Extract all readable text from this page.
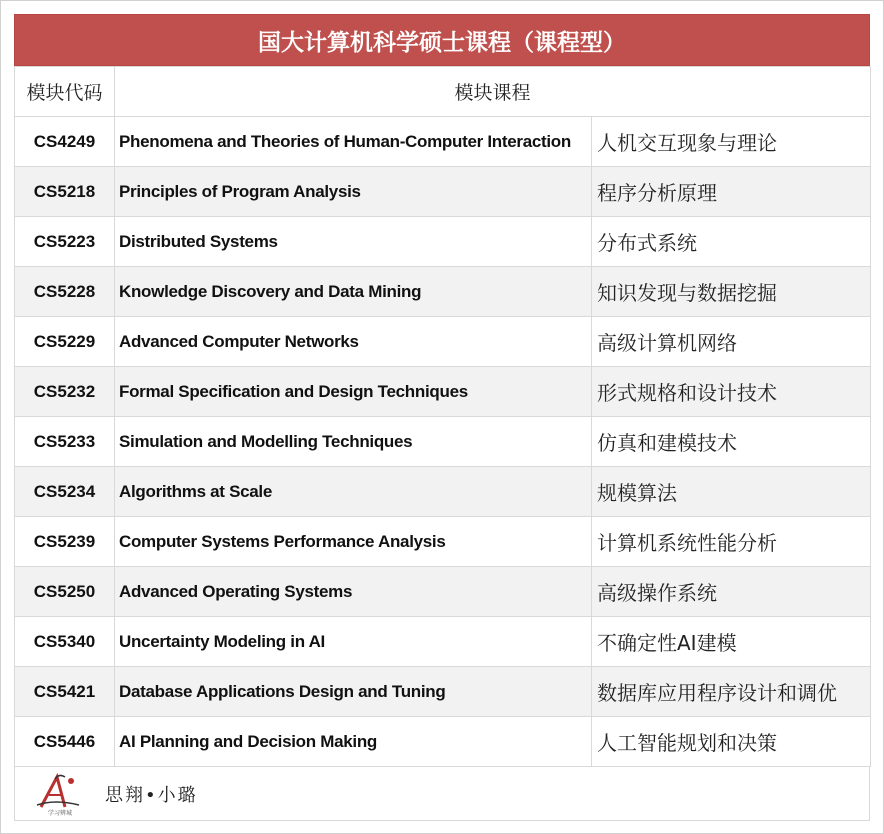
国大计算机科学硕士课程（课程型）
模块代码	模块课程	
CS4249	Phenomena and Theories of Human-Computer Interaction	人机交互现象与理论
CS5218	Principles of Program Analysis	程序分析原理
CS5223	Distributed Systems	分布式系统
CS5228	Knowledge Discovery and Data Mining	知识发现与数据挖掘
CS5229	Advanced Computer Networks	高级计算机网络
CS5232	Formal Specification and Design Techniques	形式规格和设计技术
CS5233	Simulation and Modelling Techniques	仿真和建模技术
CS5234	Algorithms at Scale	规模算法
CS5239	Computer Systems Performance Analysis	计算机系统性能分析
CS5250	Advanced Operating Systems	高级操作系统
CS5340	Uncertainty Modeling in AI	不确定性AI建模
CS5421	Database Applications Design and Tuning	数据库应用程序设计和调优
CS5446	AI Planning and Decision Making	人工智能规划和决策
学习辨城
思翔•小璐
